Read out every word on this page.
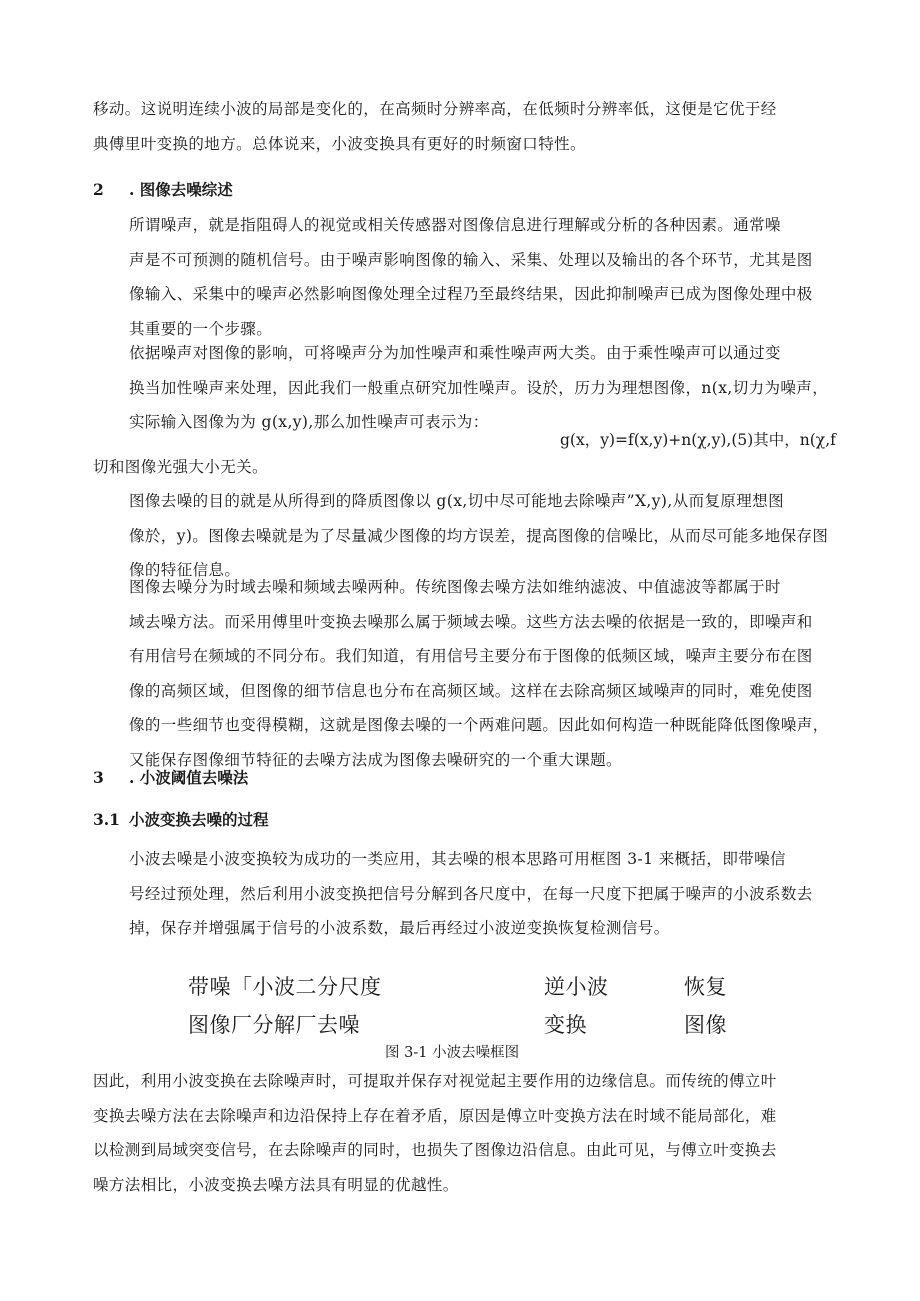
移动。这说明连续小波的局部是变化的，在高频时分辨率高，在低频时分辨率低，这便是它优于经
典傅里叶变换的地方。总体说来，小波变换具有更好的时频窗口特性。
2 . 图像去噪综述
所谓噪声，就是指阻碍人的视觉或相关传感器对图像信息进行理解或分析的各种因素。通常噪
声是不可预测的随机信号。由于噪声影响图像的输入、采集、处理以及输出的各个环节，尤其是图
像输入、采集中的噪声必然影响图像处理全过程乃至最终结果，因此抑制噪声已成为图像处理中极
其重要的一个步骤。
依据噪声对图像的影响，可将噪声分为加性噪声和乘性噪声两大类。由于乘性噪声可以通过变
换当加性噪声来处理，因此我们一般重点研究加性噪声。设於，历力为理想图像，n(x,切力为噪声，
实际输入图像为为 g(x,y),那么加性噪声可表示为：
g(x，y)=f(x,y)+n(χ,y),(5)其中，n(χ,f
切和图像光强大小无关。
图像去噪的目的就是从所得到的降质图像以 g(x,切中尽可能地去除噪声”X,y),从而复原理想图
像於，y)。图像去噪就是为了尽量减少图像的均方误差，提高图像的信噪比，从而尽可能多地保存图
像的特征信息。
图像去噪分为时域去噪和频域去噪两种。传统图像去噪方法如维纳滤波、中值滤波等都属于时
域去噪方法。而采用傅里叶变换去噪那么属于频域去噪。这些方法去噪的依据是一致的，即噪声和
有用信号在频域的不同分布。我们知道，有用信号主要分布于图像的低频区域，噪声主要分布在图
像的高频区域，但图像的细节信息也分布在高频区域。这样在去除高频区域噪声的同时，难免使图
像的一些细节也变得模糊，这就是图像去噪的一个两难问题。因此如何构造一种既能降低图像噪声，
又能保存图像细节特征的去噪方法成为图像去噪研究的一个重大课题。
3 . 小波阈值去噪法
3.1 小波变换去噪的过程
小波去噪是小波变换较为成功的一类应用，其去噪的根本思路可用框图 3-1 来概括，即带噪信
号经过预处理，然后利用小波变换把信号分解到各尺度中，在每一尺度下把属于噪声的小波系数去
掉，保存并增强属于信号的小波系数，最后再经过小波逆变换恢复检测信号。
带噪「小波二分尺度	逆小波	恢复
图像厂分解厂去噪	变换	图像
图 3-1 小波去噪框图
因此，利用小波变换在去除噪声时，可提取并保存对视觉起主要作用的边缘信息。而传统的傅立叶
变换去噪方法在去除噪声和边沿保持上存在着矛盾，原因是傅立叶变换方法在时域不能局部化，难
以检测到局域突变信号，在去除噪声的同时，也损失了图像边沿信息。由此可见，与傅立叶变换去
噪方法相比，小波变换去噪方法具有明显的优越性。
